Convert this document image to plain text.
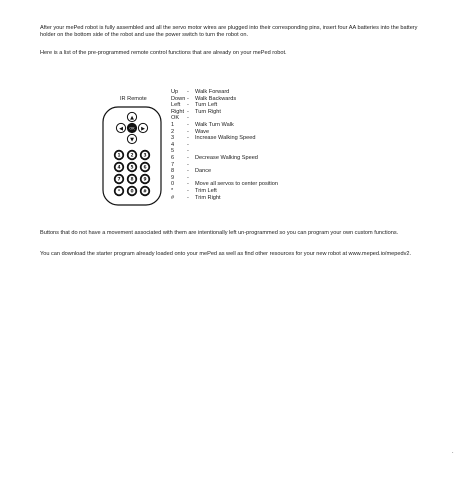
After your mePed robot is fully assembled and all the servo motor wires are plugged into their corresponding pins, insert four AA batteries into the battery holder on the bottom side of the robot and use the power switch to turn the robot on.

Here is a list of the pre-programmed remote control functions that are already on your mePed robot.

IR Remote
▲
◀ OK ▶
▼
1 2 3
4 5 6
7 8 9
* 0 #
Up	-	Walk Forward
Down -	Walk Backwards
Left	-	Turn Left
Right -	Turn Right
OK	-
1	-	Walk Turn Walk
2	-	Wave
3	-	Increase Walking Speed
4	-
5	-
6	-	Decrease Walking Speed
7	-
8	-	Dance
9	-
0	-	Move all servos to center position
*	-	Trim Left
#	-	Trim Right

Buttons that do not have a movement associated with them are intentionally left un-programmed so you can program your own custom functions.

You can download the starter program already loaded onto your mePed as well as find other resources for your new robot at www.meped.io/mepedv2.

.
